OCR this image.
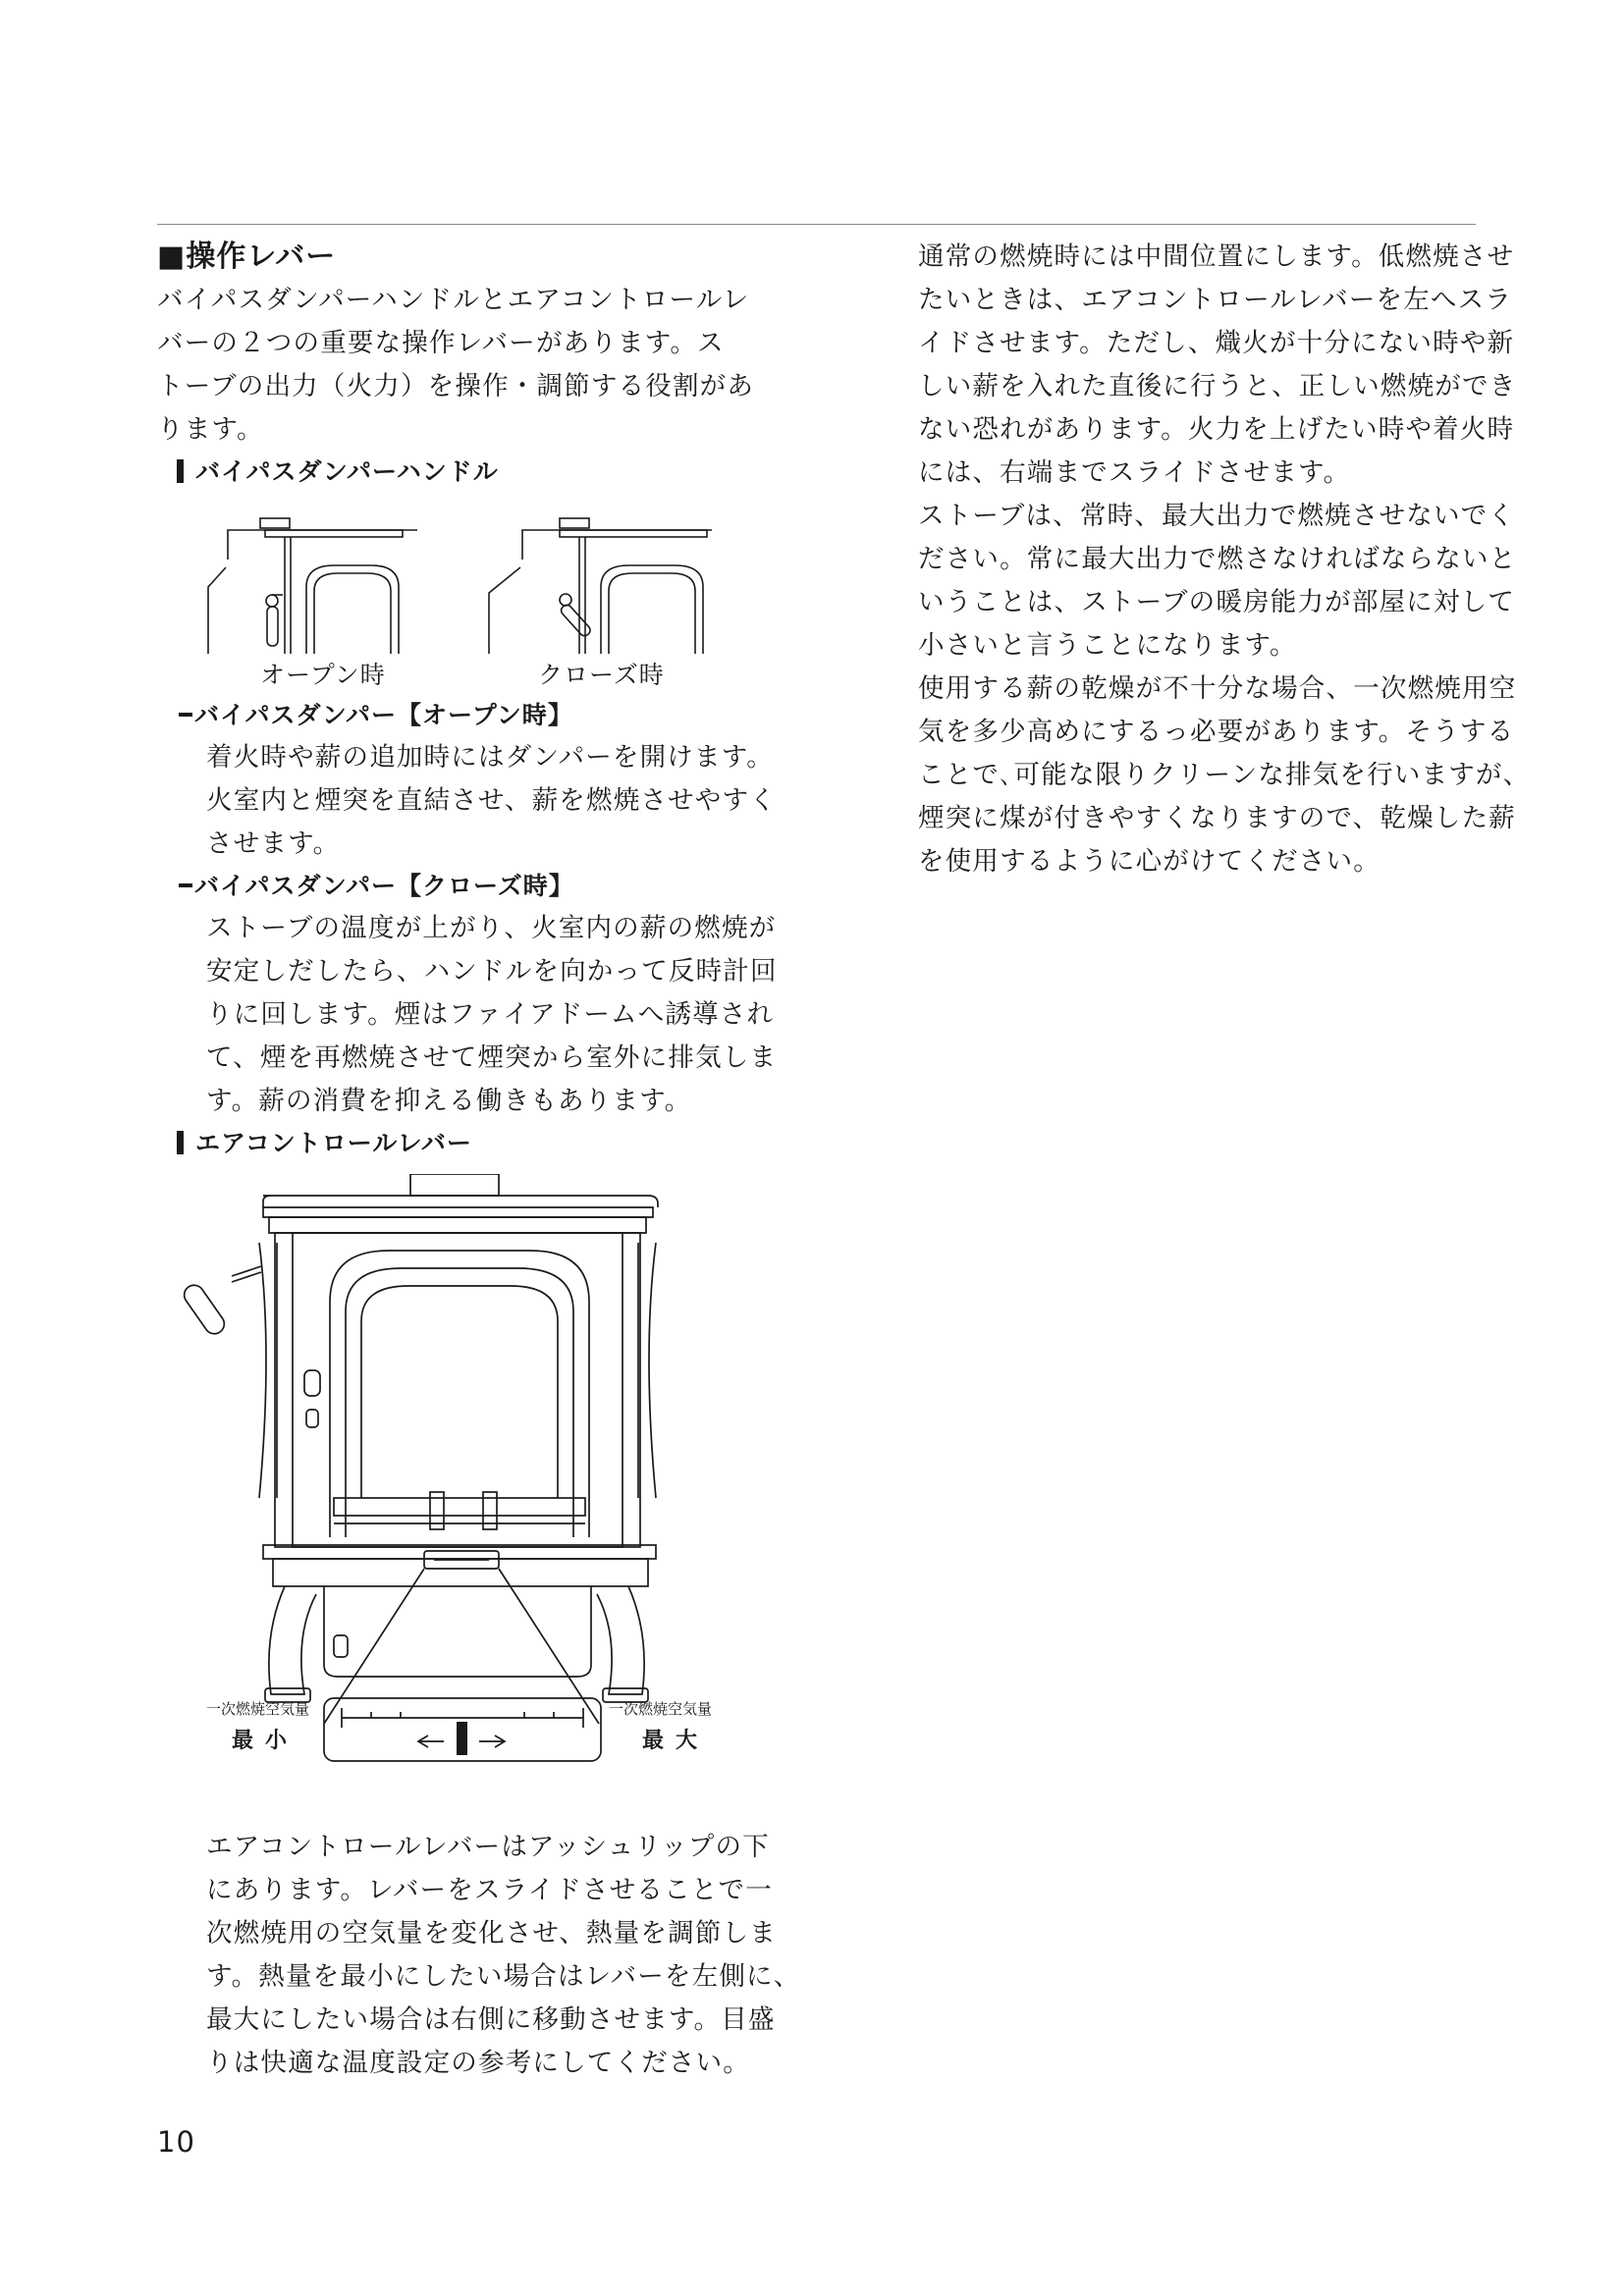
■操作レバー
バイパスダンパーハンドルとエアコントロールレ
バーの２つの重要な操作レバーがあります。ス
トーブの出力（火力）を操作・調節する役割があ
ります。
バイパスダンパーハンドル
オープン時	クローズ時
バイパスダンパー【オープン時】
着火時や薪の追加時にはダンパーを開けます。
火室内と煙突を直結させ、薪を燃焼させやすく
させます。
バイパスダンパー【クローズ時】
ストーブの温度が上がり、火室内の薪の燃焼が
安定しだしたら、ハンドルを向かって反時計回
りに回します。煙はファイアドームへ誘導され
て、煙を再燃焼させて煙突から室外に排気しま
す。薪の消費を抑える働きもあります。
エアコントロールレバー
一次燃焼空気量
最小
一次燃焼空気量
最大
エアコントロールレバーはアッシュリップの下
にあります。レバーをスライドさせることで一
次燃焼用の空気量を変化させ、熱量を調節しま
す。熱量を最小にしたい場合はレバーを左側に、
最大にしたい場合は右側に移動させます。目盛
りは快適な温度設定の参考にしてください。
通常の燃焼時には中間位置にします。低燃焼させ
たいときは、エアコントロールレバーを左へスラ
イドさせます。ただし、熾火が十分にない時や新
しい薪を入れた直後に行うと、正しい燃焼ができ
ない恐れがあります。火力を上げたい時や着火時
には、右端までスライドさせます。
ストーブは、常時、最大出力で燃焼させないでく
ださい。常に最大出力で燃さなければならないと
いうことは、ストーブの暖房能力が部屋に対して
小さいと言うことになります。
使用する薪の乾燥が不十分な場合、一次燃焼用空
気を多少高めにするっ必要があります。そうする
ことで､可能な限りクリーンな排気を行いますが、
煙突に煤が付きやすくなりますので、乾燥した薪
を使用するように心がけてください。
10
